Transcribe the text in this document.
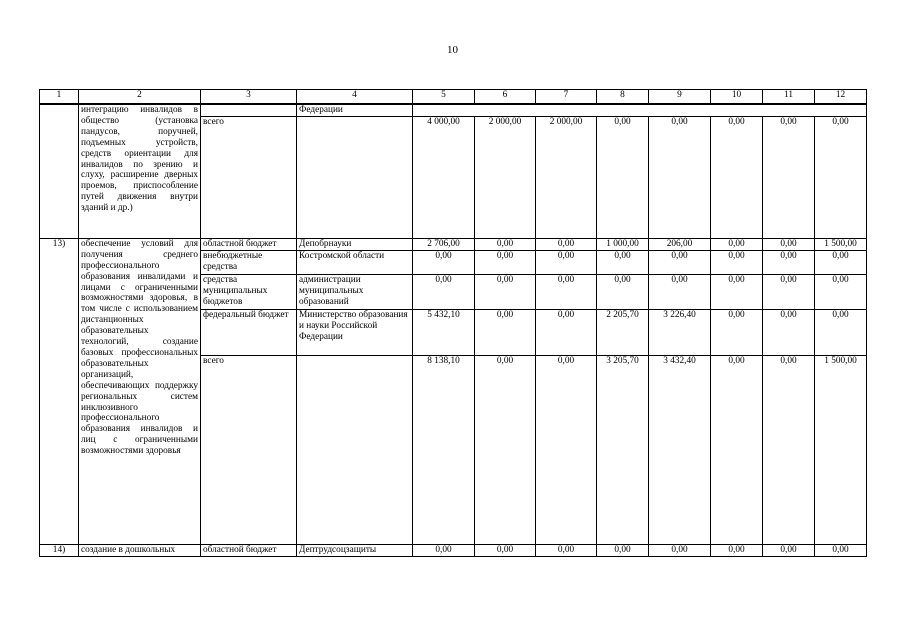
10
1	2	3	4	5	6	7	8	9	10	11	12
	интеграцию инвалидов в общество (установка пандусов, поручней, подъемных устройств, средств ориентации для инвалидов по зрению и слуху, расширение дверных проемов, приспособление путей движения внутри зданий и др.)		Федерации								
		всего		4 000,00	2 000,00	2 000,00	0,00	0,00	0,00	0,00	0,00
13)	обеспечение условий для получения среднего профессионального образования инвалидами и лицами с ограниченными возможностями здоровья, в том числе с использованием дистанционных образовательных технологий, создание базовых профессиональных образовательных организаций, обеспечивающих поддержку региональных систем инклюзивного профессионального образования инвалидов и лиц с ограниченными возможностями здоровья	областной бюджет	Депобрнауки	2 706,00	0,00	0,00	1 000,00	206,00	0,00	0,00	1 500,00
		внебюджетные средства	Костромской области	0,00	0,00	0,00	0,00	0,00	0,00	0,00	0,00
		средства муниципальных бюджетов	администрации муниципальных образований	0,00	0,00	0,00	0,00	0,00	0,00	0,00	0,00
		федеральный бюджет	Министерство образования и науки Российской Федерации	5 432,10	0,00	0,00	2 205,70	3 226,40	0,00	0,00	0,00
		всего		8 138,10	0,00	0,00	3 205,70	3 432,40	0,00	0,00	1 500,00
14)	создание в дошкольных	областной бюджет	Дептрудсоцзащиты	0,00	0,00	0,00	0,00	0,00	0,00	0,00	0,00
